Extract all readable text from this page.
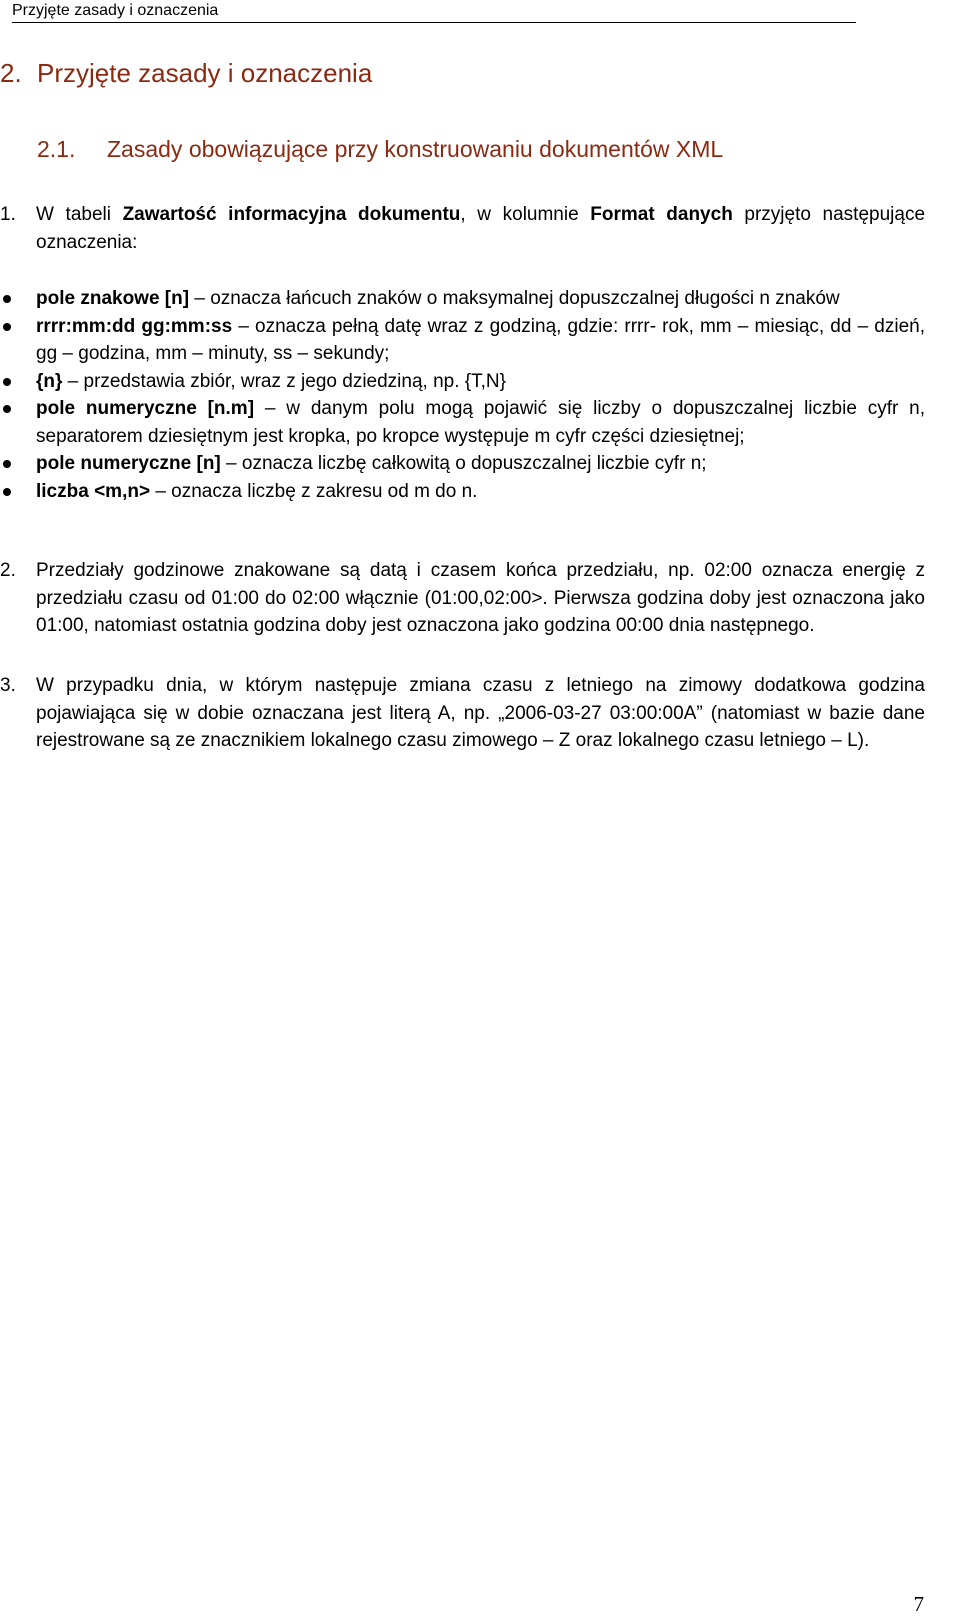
Przyjęte zasady i oznaczenia
2. Przyjęte zasady i oznaczenia
2.1. Zasady obowiązujące przy konstruowaniu dokumentów XML
1. W tabeli Zawartość informacyjna dokumentu, w kolumnie Format danych przyjęto następujące oznaczenia:
pole znakowe [n] – oznacza łańcuch znaków o maksymalnej dopuszczalnej długości n znaków
rrrr:mm:dd gg:mm:ss – oznacza pełną datę wraz z godziną, gdzie: rrrr- rok, mm – miesiąc, dd – dzień, gg – godzina, mm – minuty, ss – sekundy;
{n} – przedstawia zbiór, wraz z jego dziedziną, np. {T,N}
pole numeryczne [n.m] – w danym polu mogą pojawić się liczby o dopuszczalnej liczbie cyfr n, separatorem dziesiętnym jest kropka, po kropce występuje m cyfr części dziesiętnej;
pole numeryczne [n] – oznacza liczbę całkowitą o dopuszczalnej liczbie cyfr n;
liczba <m,n> – oznacza liczbę z zakresu od m do n.
2. Przedziały godzinowe znakowane są datą i czasem końca przedziału, np. 02:00 oznacza energię z przedziału czasu od 01:00 do 02:00 włącznie (01:00,02:00>. Pierwsza godzina doby jest oznaczona jako 01:00, natomiast ostatnia godzina doby jest oznaczona jako godzina 00:00 dnia następnego.
3. W przypadku dnia, w którym następuje zmiana czasu z letniego na zimowy dodatkowa godzina pojawiająca się w dobie oznaczana jest literą A, np. „2006-03-27 03:00:00A” (natomiast w bazie dane rejestrowane są ze znacznikiem lokalnego czasu zimowego – Z oraz lokalnego czasu letniego – L).
7
